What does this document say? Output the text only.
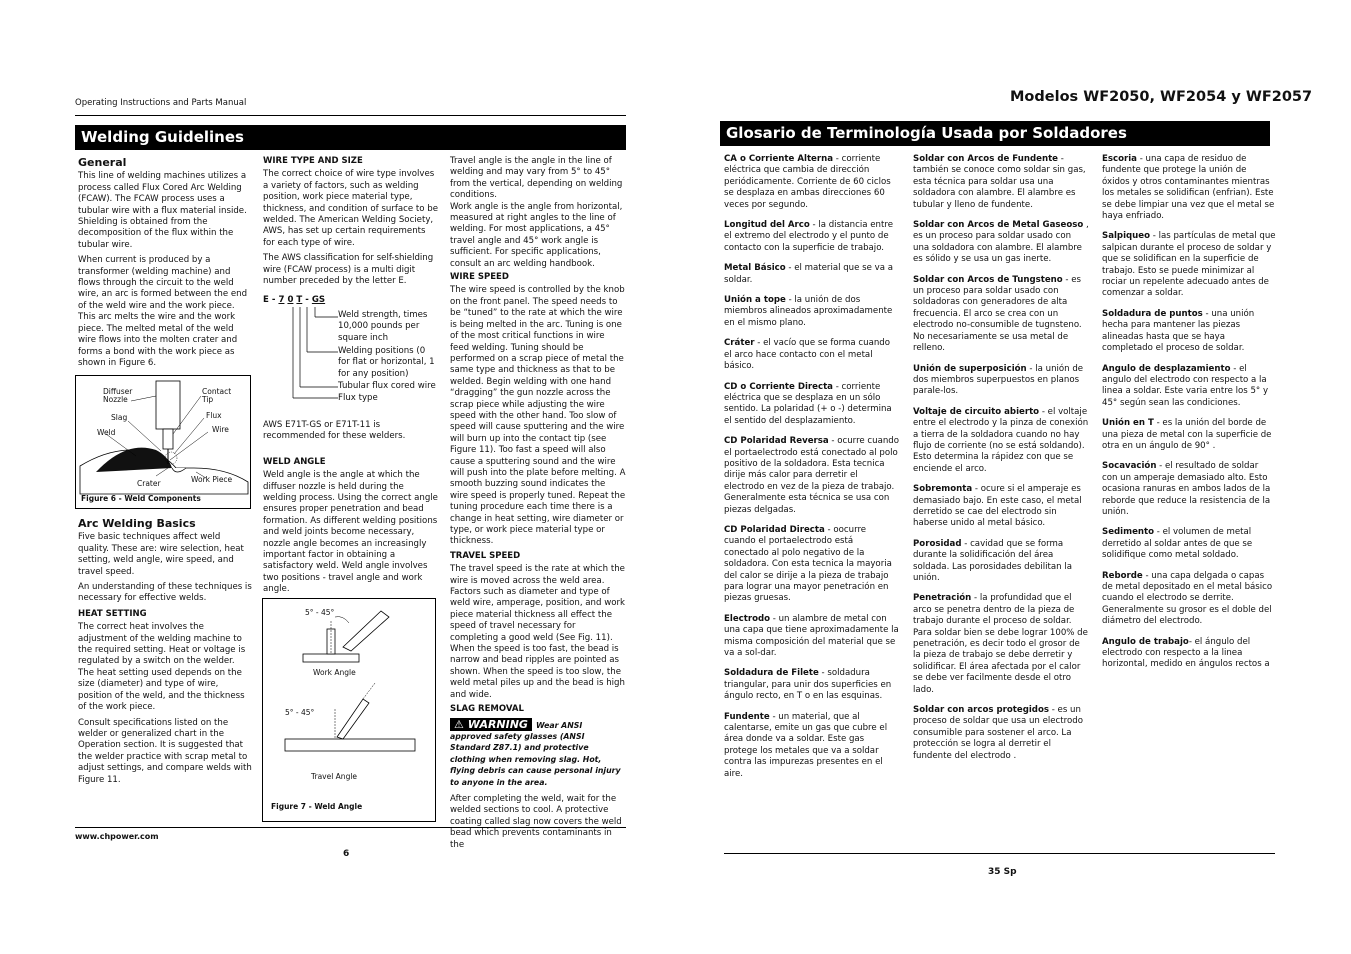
Operating Instructions and Parts Manual
Welding Guidelines
General

This line of welding machines utilizes a process called Flux Cored Arc Welding (FCAW). The FCAW process uses a tubular wire with a flux material inside. Shielding is obtained from the decomposition of the flux within the tubular wire.

When current is produced by a transformer (welding machine) and flows through the circuit to the weld wire, an arc is formed between the end of the weld wire and the work piece. This arc melts the wire and the work piece. The melted metal of the weld wire flows into the molten crater and forms a bond with the work piece as shown in Figure 6.

Diffuser Nozzle
Contact Tip
Slag	Flux
Weld	Wire
Crater	Work Piece
Figure 6 - Weld Components
Arc Welding Basics

Five basic techniques affect weld quality. These are: wire selection, heat setting, weld angle, wire speed, and travel speed.

An understanding of these techniques is necessary for effective welds.

HEAT SETTING

The correct heat involves the adjustment of the welding machine to the required setting. Heat or voltage is regulated by a switch on the welder. The heat setting used depends on the size (diameter) and type of wire, position of the weld, and the thickness of the work piece.

Consult specifications listed on the welder or generalized chart in the Operation section. It is suggested that the welder practice with scrap metal to adjust settings, and compare welds with Figure 11.

WIRE TYPE AND SIZE

The correct choice of wire type involves a variety of factors, such as welding position, work piece material type, thickness, and condition of surface to be welded. The American Welding Society, AWS, has set up certain requirements for each type of wire.

The AWS classification for self-shielding wire (FCAW process) is a multi digit number preceded by the letter E.

E - 7 0 T - GS
Weld strength, times 10,000 pounds per square inch
Welding positions (0 for flat or horizontal, 1 for any position)
Tubular flux cored wire
Flux type

AWS E71T-GS or E71T-11 is recommended for these welders.

WELD ANGLE

Weld angle is the angle at which the diffuser nozzle is held during the welding process. Using the correct angle ensures proper penetration and bead formation. As different welding positions and weld joints become necessary, nozzle angle becomes an increasingly important factor in obtaining a satisfactory weld. Weld angle involves two positions - travel angle and work angle.

5° - 45°
Work Angle
5° - 45°
Travel Angle
Figure 7 - Weld Angle

Travel angle is the angle in the line of welding and may vary from 5° to 45° from the vertical, depending on welding conditions.

Work angle is the angle from horizontal, measured at right angles to the line of welding. For most applications, a 45° travel angle and 45° work angle is sufficient. For specific applications, consult an arc welding handbook.

WIRE SPEED

The wire speed is controlled by the knob on the front panel. The speed needs to be “tuned” to the rate at which the wire is being melted in the arc. Tuning is one of the most critical functions in wire feed welding. Tuning should be performed on a scrap piece of metal the same type and thickness as that to be welded. Begin welding with one hand “dragging” the gun nozzle across the scrap piece while adjusting the wire speed with the other hand. Too slow of speed will cause sputtering and the wire will burn up into the contact tip (see Figure 11). Too fast a speed will also cause a sputtering sound and the wire will push into the plate before melting. A smooth buzzing sound indicates the wire speed is properly tuned. Repeat the tuning procedure each time there is a change in heat setting, wire diameter or type, or work piece material type or thickness.

TRAVEL SPEED

The travel speed is the rate at which the wire is moved across the weld area. Factors such as diameter and type of weld wire, amperage, position, and work piece material thickness all effect the speed of travel necessary for completing a good weld (See Fig. 11). When the speed is too fast, the bead is narrow and bead ripples are pointed as shown. When the speed is too slow, the weld metal piles up and the bead is high and wide.

SLAG REMOVAL

⚠ WARNING Wear ANSI approved safety glasses (ANSI Standard Z87.1) and protective clothing when removing slag. Hot, flying debris can cause personal injury to anyone in the area.

After completing the weld, wait for the welded sections to cool. A protective coating called slag now covers the weld bead which prevents contaminants in the

www.chpower.com
6
Modelos WF2050, WF2054 y WF2057
Glosario de Terminología Usada por Soldadores

CA o Corriente Alterna - corriente eléctrica que cambia de dirección periódicamente. Corriente de 60 ciclos se desplaza en ambas direcciones 60 veces por segundo.

Longitud del Arco - la distancia entre el extremo del electrodo y el punto de contacto con la superficie de trabajo.

Metal Básico - el material que se va a soldar.

Unión a tope - la unión de dos miembros alineados aproximadamente en el mismo plano.

Cráter - el vacío que se forma cuando el arco hace contacto con el metal básico.

CD o Corriente Directa - corriente eléctrica que se desplaza en un sólo sentido. La polaridad (+ o -) determina el sentido del desplazamiento.

CD Polaridad Reversa - ocurre cuando el portaelectrodo está conectado al polo positivo de la soldadora. Esta tecnica dirije más calor para derretir el electrodo en vez de la pieza de trabajo. Generalmente esta técnica se usa con piezas delgadas.

CD Polaridad Directa - oocurre cuando el portaelectrodo está conectado al polo negativo de la soldadora. Con esta tecnica la mayoria del calor se dirije a la pieza de trabajo para lograr una mayor penetración en piezas gruesas.

Electrodo - un alambre de metal con una capa que tiene aproximadamente la misma composición del material que se va a sol-dar.

Soldadura de Filete - soldadura triangular, para unir dos superficies en ángulo recto, en T o en las esquinas.

Fundente - un material, que al calentarse, emite un gas que cubre el área donde va a soldar. Este gas protege los metales que va a soldar contra las impurezas presentes en el aire.

Soldar con Arcos de Fundente - también se conoce como soldar sin gas, esta técnica para soldar usa una soldadora con alambre. El alambre es tubular y lleno de fundente.

Soldar con Arcos de Metal Gaseoso , es un proceso para soldar usado con una soldadora con alambre. El alambre es sólido y se usa un gas inerte.

Soldar con Arcos de Tungsteno - es un proceso para soldar usado con soldadoras con generadores de alta frecuencia. El arco se crea con un electrodo no-consumible de tugnsteno. No necesariamente se usa metal de relleno.

Unión de superposición - la unión de dos miembros superpuestos en planos parale-los.

Voltaje de circuito abierto - el voltaje entre el electrodo y la pinza de conexión a tierra de la soldadora cuando no hay flujo de corriente (no se está soldando). Esto determina la rápidez con que se enciende el arco.

Sobremonta - ocure si el amperaje es demasiado bajo. En este caso, el metal derretido se cae del electrodo sin haberse unido al metal básico.

Porosidad - cavidad que se forma durante la solidificación del área soldada. Las porosidades debilitan la unión.

Penetración - la profundidad que el arco se penetra dentro de la pieza de trabajo durante el proceso de soldar. Para soldar bien se debe lograr 100% de penetración, es decir todo el grosor de la pieza de trabajo se debe derretir y solidificar. El área afectada por el calor se debe ver facilmente desde el otro lado.

Soldar con arcos protegidos - es un proceso de soldar que usa un electrodo consumible para sostener el arco. La protección se logra al derretir el fundente del electrodo .

Escoria - una capa de residuo de fundente que protege la unión de óxidos y otros contaminantes mientras los metales se solidifican (enfrian). Este se debe limpiar una vez que el metal se haya enfriado.

Salpiqueo - las partículas de metal que salpican durante el proceso de soldar y que se solidifican en la superficie de trabajo. Esto se puede minimizar al rociar un repelente adecuado antes de comenzar a soldar.

Soldadura de puntos - una unión hecha para mantener las piezas alineadas hasta que se haya completado el proceso de soldar.

Angulo de desplazamiento - el angulo del electrodo con respecto a la linea a soldar. Este varia entre los 5° y 45° según sean las condiciones.

Unión en T - es la unión del borde de una pieza de metal con la superficie de otra en un ángulo de 90° .

Socavación - el resultado de soldar con un amperaje demasiado alto. Esto ocasiona ranuras en ambos lados de la reborde que reduce la resistencia de la unión.

Sedimento - el volumen de metal derretido al soldar antes de que se solidifique como metal soldado.

Reborde - una capa delgada o capas de metal depositado en el metal básico cuando el electrodo se derrite. Generalmente su grosor es el doble del diámetro del electrodo.

Angulo de trabajo- el ángulo del electrodo con respecto a la linea horizontal, medido en ángulos rectos a

35 Sp
